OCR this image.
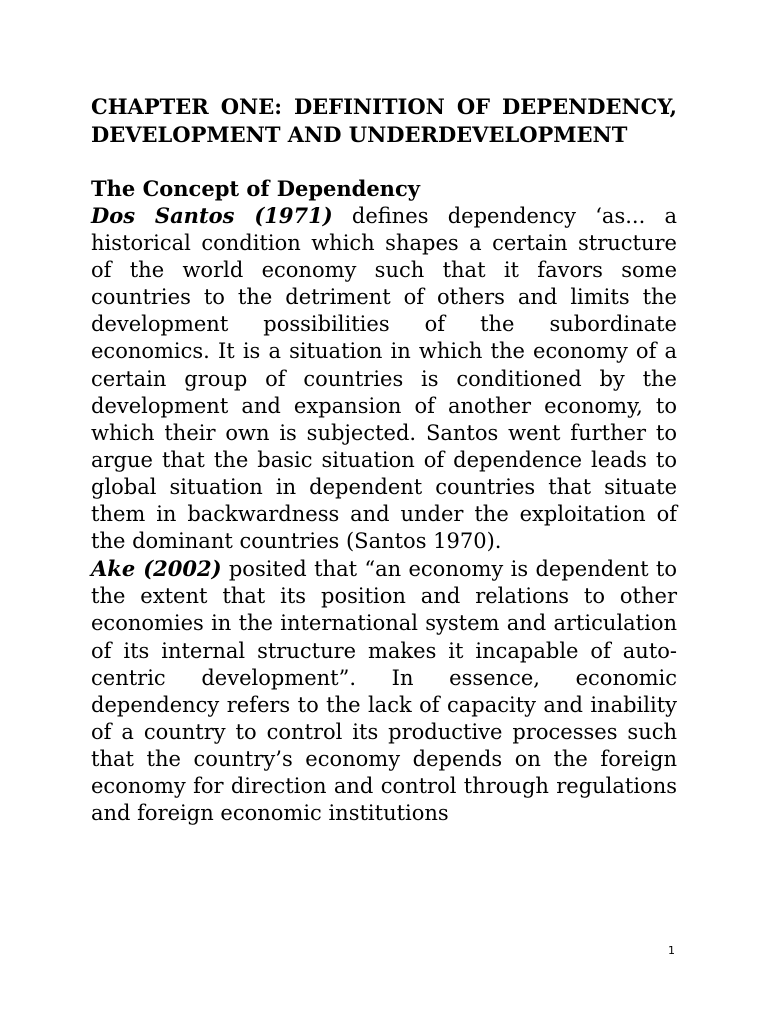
CHAPTER ONE: DEFINITION OF DEPENDENCY, DEVELOPMENT AND UNDERDEVELOPMENT
The Concept of Dependency

Dos Santos (1971) defines dependency ‘as... a historical condition which shapes a certain structure of the world economy such that it favors some countries to the detriment of others and limits the development possibilities of the subordinate economics. It is a situation in which the economy of a certain group of countries is conditioned by the development and expansion of another economy, to which their own is subjected. Santos went further to argue that the basic situation of dependence leads to global situation in dependent countries that situate them in backwardness and under the exploitation of the dominant countries (Santos 1970).

Ake (2002) posited that “an economy is dependent to the extent that its position and relations to other economies in the international system and articulation of its internal structure makes it incapable of auto-centric development”. In essence, economic dependency refers to the lack of capacity and inability of a country to control its productive processes such that the country’s economy depends on the foreign economy for direction and control through regulations and foreign economic institutions

1
